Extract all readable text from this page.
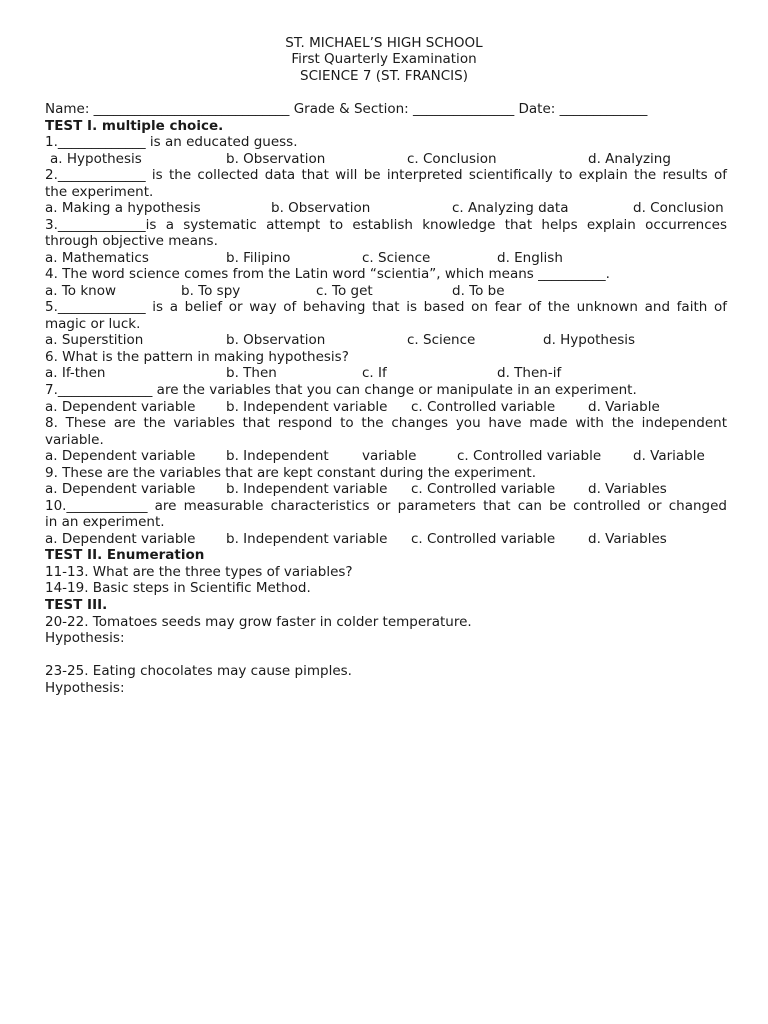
ST. MICHAEL’S HIGH SCHOOL
First Quarterly Examination
SCIENCE 7 (ST. FRANCIS)
Name: _____________________________ Grade & Section: _______________ Date: _____________
TEST I. multiple choice.
1._____________ is an educated guess.
a. Hypothesis	b. Observation	c. Conclusion	d. Analyzing
2._____________ is the collected data that will be interpreted scientifically to explain the results of
the experiment.
a. Making a hypothesis	b. Observation	c. Analyzing data	d. Conclusion
3._____________is a systematic attempt to establish knowledge that helps explain occurrences
through objective means.
a. Mathematics	b. Filipino	c. Science	d. English
4. The word science comes from the Latin word “scientia”, which means __________.
a. To know	b. To spy	c. To get	d. To be
5._____________ is a belief or way of behaving that is based on fear of the unknown and faith of
magic or luck.
a. Superstition	b. Observation	c. Science	d. Hypothesis
6. What is the pattern in making hypothesis?
a. If-then	b. Then	c. If	d. Then-if
7.______________ are the variables that you can change or manipulate in an experiment.
a. Dependent variable b. Independent variable c. Controlled variable d. Variable
8. These are the variables that respond to the changes you have made with the independent
variable.
a. Dependent variable b. Independent variable	c. Controlled variable d. Variable
9. These are the variables that are kept constant during the experiment.
a. Dependent variable b. Independent variable c. Controlled variable d. Variables
10.____________ are measurable characteristics or parameters that can be controlled or changed
in an experiment.
a. Dependent variable b. Independent variable c. Controlled variable d. Variables
TEST II. Enumeration
11-13. What are the three types of variables?
14-19. Basic steps in Scientific Method.
TEST III.
20-22. Tomatoes seeds may grow faster in colder temperature.
Hypothesis:
23-25. Eating chocolates may cause pimples.
Hypothesis:
